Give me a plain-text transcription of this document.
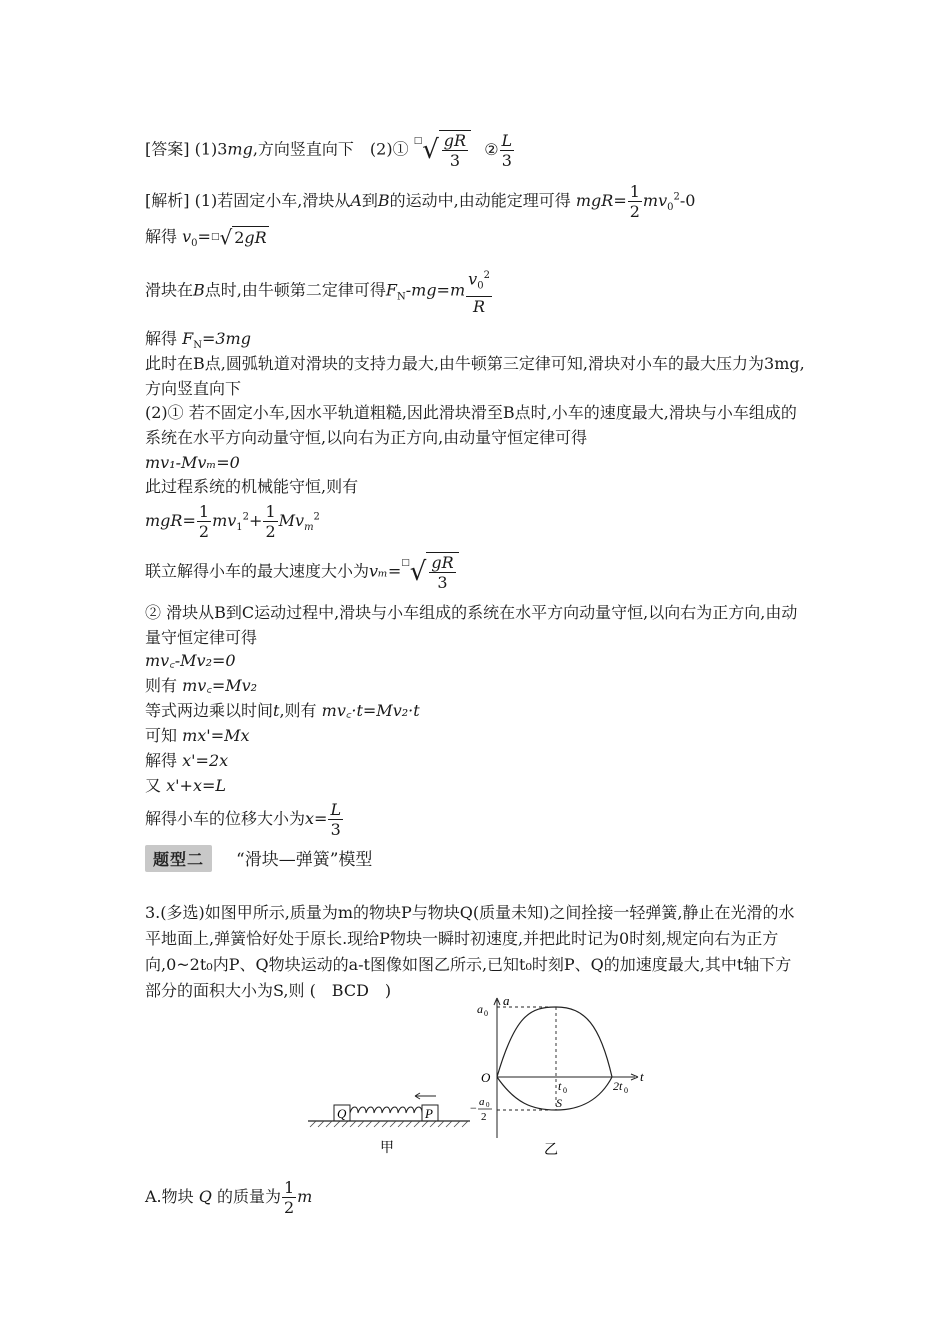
[答案] (1)3mg,方向竖直向下　(2)① $^□√ \frac{gR}{3}$ ② $\frac{L}{3}$
[解析] (1)若固定小车,滑块从A到B的运动中,由动能定理可得 $mgR= \frac{1}{2} mv_0^2-0$
解得 $v_0=^□√$ 2gR
滑块在B点时,由牛顿第二定律可得$F_N-mg=m \frac{v_0^2}{R}$
解得 $F_N=3mg$
此时在B点,圆弧轨道对滑块的支持力最大,由牛顿第三定律可知,滑块对小车的最大压力为3mg,方向竖直向下
(2)① 若不固定小车,因水平轨道粗糙,因此滑块滑至B点时,小车的速度最大,滑块与小车组成的系统在水平方向动量守恒,以向右为正方向,由动量守恒定律可得
mv₁-Mvₘ=0
此过程系统的机械能守恒,则有
$mgR= \frac{1}{2} mv_1^2+ \frac{1}{2} Mv_m^2$
联立解得小车的最大速度大小为$v_m=^□√ \frac{gR}{3}$
② 滑块从B到C运动过程中,滑块与小车组成的系统在水平方向动量守恒,以向右为正方向,由动量守恒定律可得
mv꜀-Mv₂=0
则有 mv꜀=Mv₂
等式两边乘以时间t,则有 mv꜀·t=Mv₂·t
可知 mx'=Mx
解得 x'=2x
又 x'+x=L
解得小车的位移大小为$x= \frac{L}{3}$
题型二 “滑块—弹簧”模型
3.(多选)如图甲所示,质量为m的物块P与物块Q(质量未知)之间拴接一轻弹簧,静止在光滑的水平地面上,弹簧恰好处于原长.现给P物块一瞬时初速度,并把此时记为0时刻,规定向右为正方向,0~2t₀内P、Q物块运动的a-t图像如图乙所示,已知t₀时刻P、Q的加速度最大,其中t轴下方部分的面积大小为S,则 (　BCD　)
Q	P
甲
a
t
O
a 0
t 0	2t 0
S
− a 0
2
乙
A.物块 Q 的质量为 $\frac{1}{2}$ m
